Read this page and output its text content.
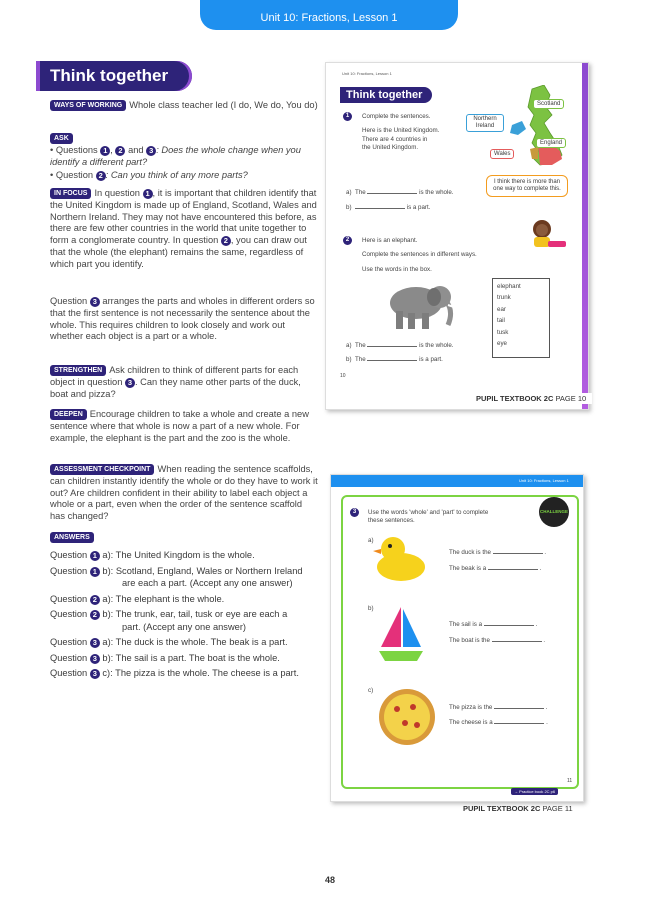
Unit 10: Fractions, Lesson 1
Think together
WAYS OF WORKING Whole class teacher led (I do, We do, You do)
ASK
• Questions 1 , 2 and 3 : Does the whole change when you identify a different part?
• Question 2 : Can you think of any more parts?
IN FOCUS In question 1 , it is important that children identify that the United Kingdom is made up of England, Scotland, Wales and Northern Ireland. They may not have encountered this before, as there are few other countries in the world that unite together to form a conglomerate country. In question 2 , you can draw out that the whole (the elephant) remains the same, regardless of which part you identify.
Question 3 arranges the parts and wholes in different orders so that the first sentence is not necessarily the sentence about the whole. This requires children to look closely and work out whether each object is a part or a whole.
STRENGTHEN Ask children to think of different parts for each object in question 3 . Can they name other parts of the duck, boat and pizza?
DEEPEN Encourage children to take a whole and create a new sentence where that whole is now a part of a new whole. For example, the elephant is the part and the zoo is the whole.
ASSESSMENT CHECKPOINT When reading the sentence scaffolds, can children instantly identify the whole or do they have to work it out? Are children confident in their ability to label each object a whole or a part, even when the order of the sentence scaffold has changed?
ANSWERS
Question 1 a): The United Kingdom is the whole.
Question 1 b): Scotland, England, Wales or Northern Ireland
are each a part. (Accept any one answer)
Question 2 a): The elephant is the whole.
Question 2 b): The trunk, ear, tail, tusk or eye are each a
part. (Accept any one answer)
Question 3 a): The duck is the whole. The beak is a part.
Question 3 b): The sail is a part. The boat is the whole.
Question 3 c): The pizza is the whole. The cheese is a part.
Unit 10: Fractions, Lesson 1
Think together
1	Complete the sentences.
Here is the United Kingdom.
There are 4 countries in
the United Kingdom.
Scotland
Northern Ireland
England
Wales
a) The	is the whole.
b)	is a part.
I think there is more than one way to complete this.
2	Here is an elephant.
Complete the sentences in different ways.
Use the words in the box.
elephant
trunk
ear
tail
tusk
eye
a) The	is the whole.
b) The	is a part.
10
PUPIL TEXTBOOK 2C PAGE 10
Unit 10: Fractions, Lesson 1
3	Use the words 'whole' and 'part' to complete
these sentences.
CHALLENGE
a)
The duck is the	.
The beak is a	.
b)
The sail is a	.
The boat is the	.
c)
The pizza is the	.
The cheese is a	.
→ Practice book 2C p6
11
PUPIL TEXTBOOK 2C PAGE 11
48
